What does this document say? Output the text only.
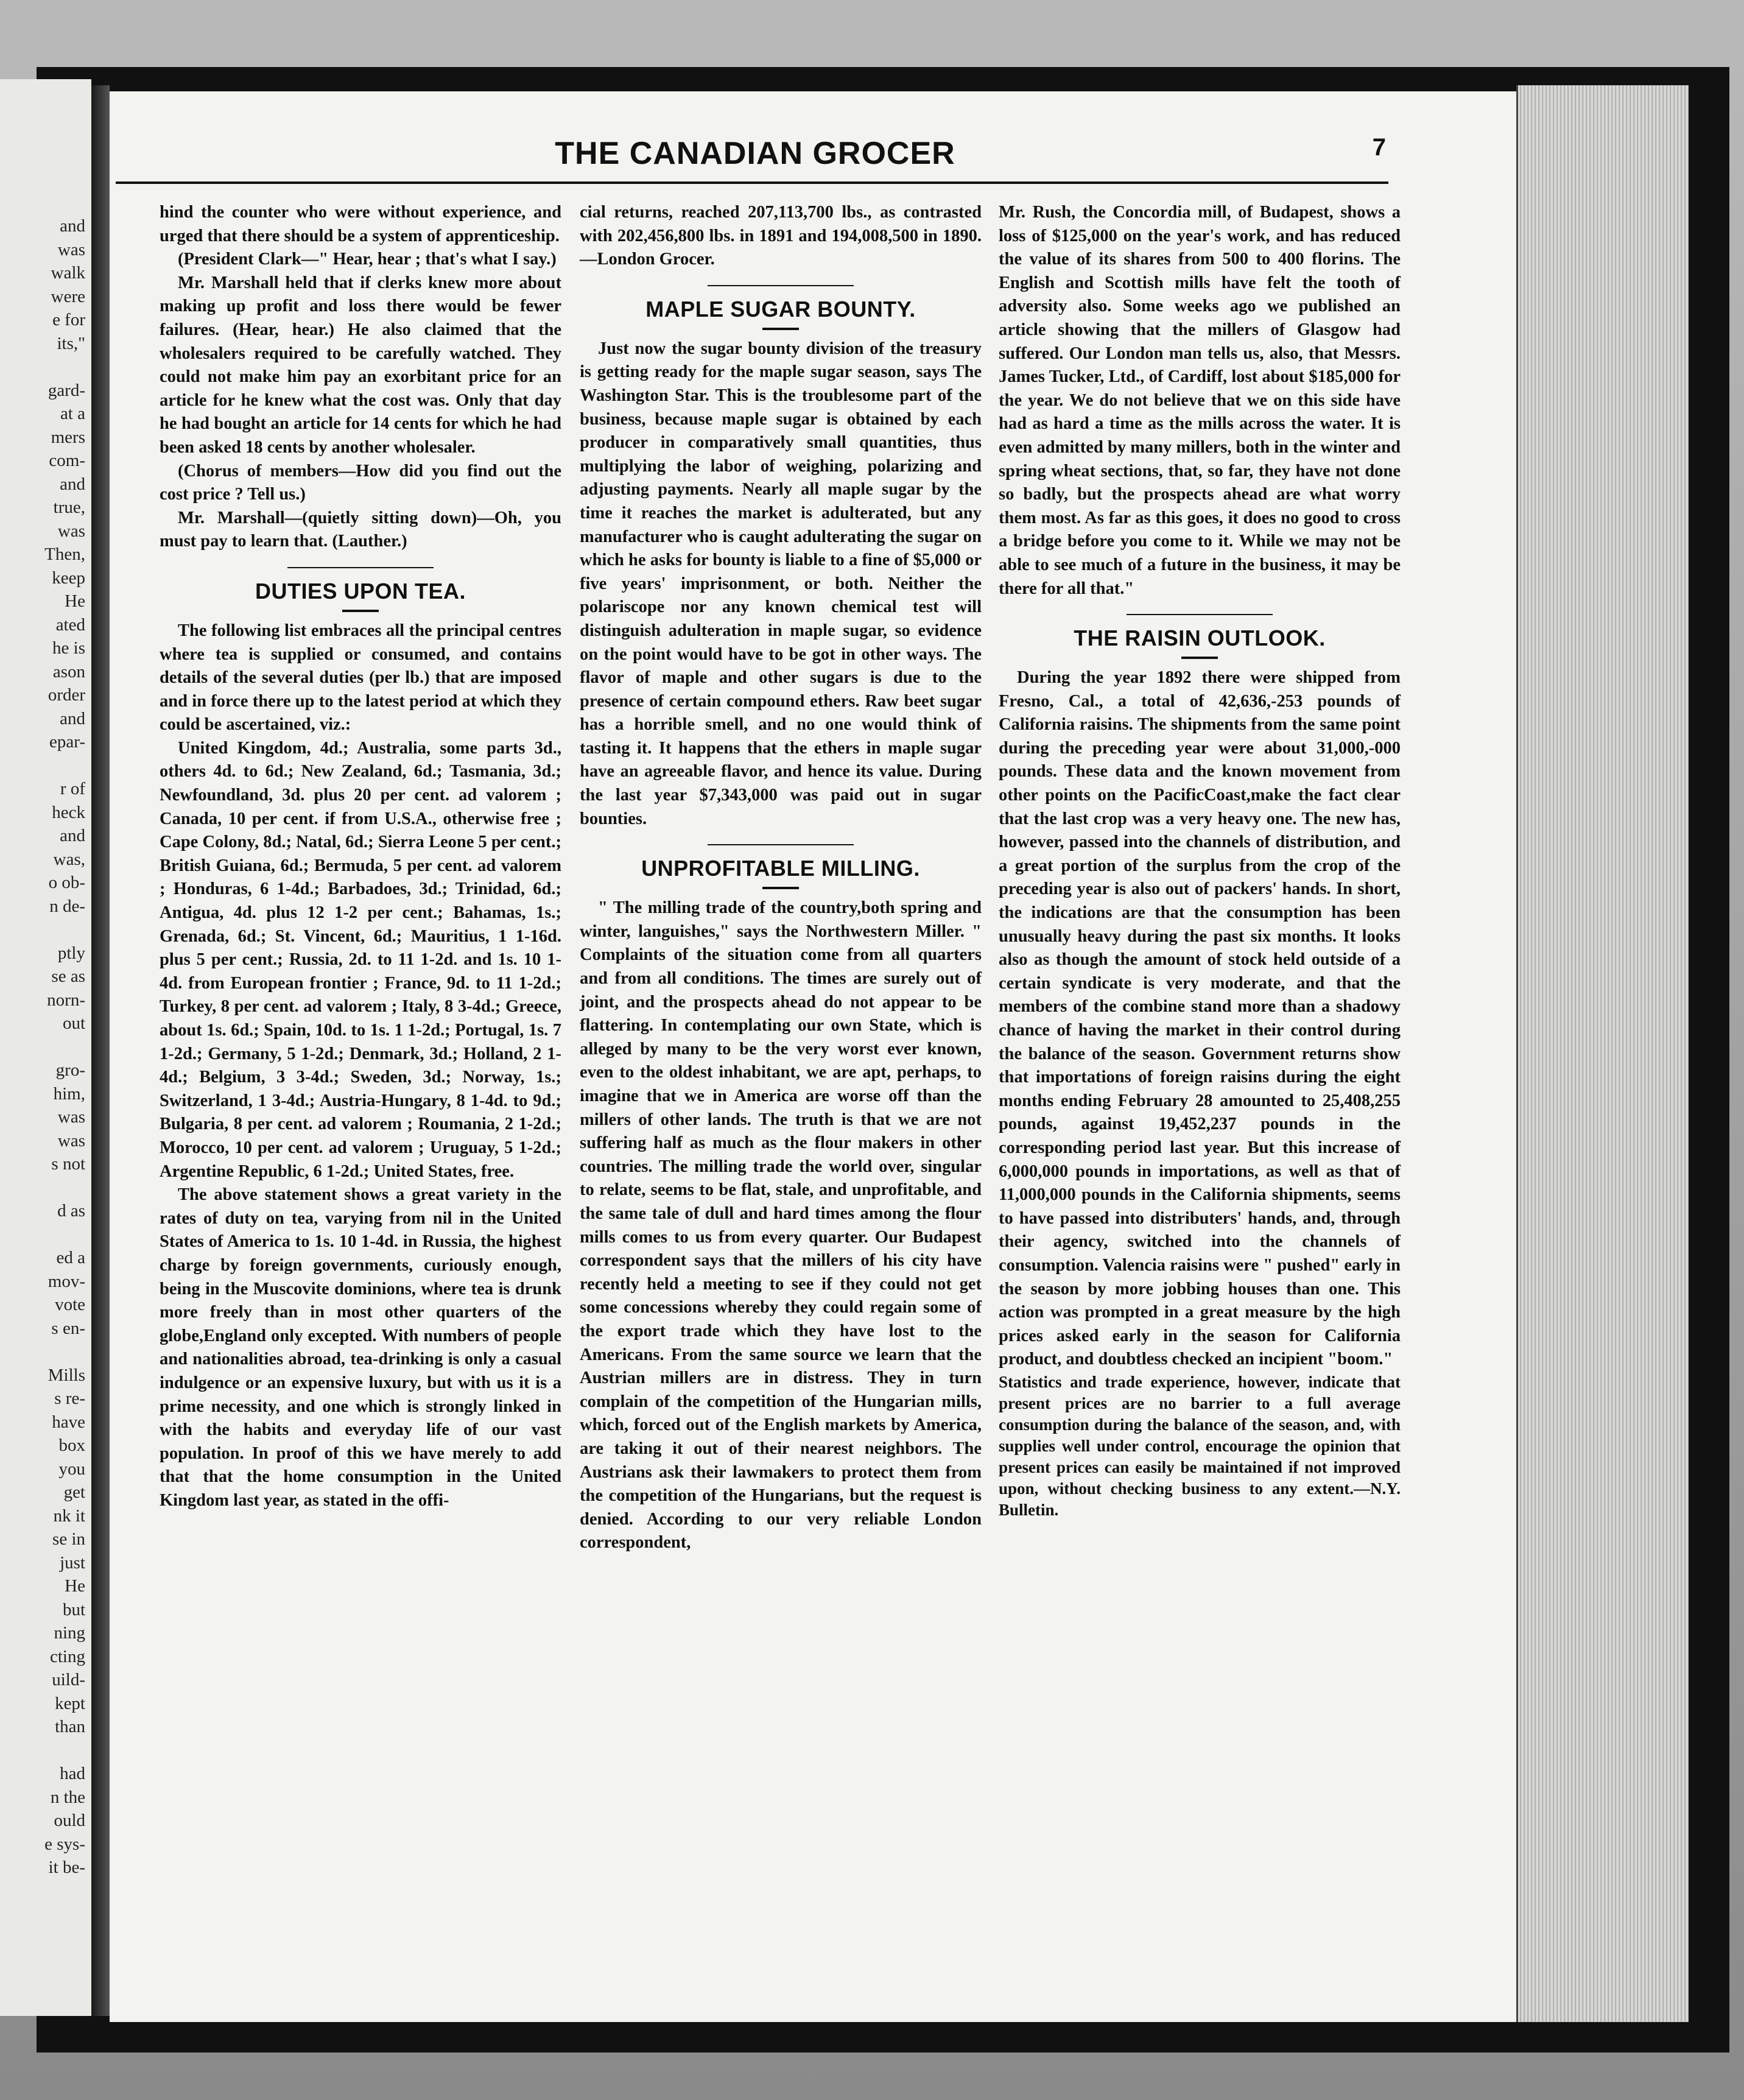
and
was
walk
were
e for
its,"

gard-
at a
mers
com-
and
true,
was
Then,
keep
He
ated
he is
ason
order
and
epar-

r of
heck
and
was,
o ob-
n de-

ptly
se as
norn-
out

gro-
him,
was
was
s not

d as

ed a
mov-
vote
s en-

Mills
s re-
have
box
you
get
nk it
se in
just
He
but
ning
cting
uild-
kept
than

had
n the
ould
e sys-
it be-
THE CANADIAN GROCER	7

hind the counter who were without experience, and urged that there should be a system of apprenticeship.

(President Clark—" Hear, hear ; that's what I say.)

Mr. Marshall held that if clerks knew more about making up profit and loss there would be fewer failures. (Hear, hear.) He also claimed that the wholesalers required to be carefully watched. They could not make him pay an exorbitant price for an article for he knew what the cost was. Only that day he had bought an article for 14 cents for which he had been asked 18 cents by another wholesaler.

(Chorus of members—How did you find out the cost price ? Tell us.)

Mr. Marshall—(quietly sitting down)—Oh, you must pay to learn that. (Lauther.)

DUTIES UPON TEA.

The following list embraces all the principal centres where tea is supplied or consumed, and contains details of the several duties (per lb.) that are imposed and in force there up to the latest period at which they could be ascertained, viz.:

United Kingdom, 4d.; Australia, some parts 3d., others 4d. to 6d.; New Zealand, 6d.; Tasmania, 3d.; Newfoundland, 3d. plus 20 per cent. ad valorem ; Canada, 10 per cent. if from U.S.A., otherwise free ; Cape Colony, 8d.; Natal, 6d.; Sierra Leone 5 per cent.; British Guiana, 6d.; Bermuda, 5 per cent. ad valorem ; Honduras, 6 1-4d.; Barbadoes, 3d.; Trinidad, 6d.; Antigua, 4d. plus 12 1-2 per cent.; Bahamas, 1s.; Grenada, 6d.; St. Vincent, 6d.; Mauritius, 1 1-16d. plus 5 per cent.; Russia, 2d. to 11 1-2d. and 1s. 10 1-4d. from European frontier ; France, 9d. to 11 1-2d.; Turkey, 8 per cent. ad valorem ; Italy, 8 3-4d.; Greece, about 1s. 6d.; Spain, 10d. to 1s. 1 1-2d.; Portugal, 1s. 7 1-2d.; Germany, 5 1-2d.; Denmark, 3d.; Holland, 2 1-4d.; Belgium, 3 3-4d.; Sweden, 3d.; Norway, 1s.; Switzerland, 1 3-4d.; Austria-Hungary, 8 1-4d. to 9d.; Bulgaria, 8 per cent. ad valorem ; Roumania, 2 1-2d.; Morocco, 10 per cent. ad valorem ; Uruguay, 5 1-2d.; Argentine Republic, 6 1-2d.; United States, free.

The above statement shows a great variety in the rates of duty on tea, varying from nil in the United States of America to 1s. 10 1-4d. in Russia, the highest charge by foreign governments, curiously enough, being in the Muscovite dominions, where tea is drunk more freely than in most other quarters of the globe,England only excepted. With numbers of people and nationalities abroad, tea-drinking is only a casual indulgence or an expensive luxury, but with us it is a prime necessity, and one which is strongly linked in with the habits and everyday life of our vast population. In proof of this we have merely to add that that the home consumption in the United Kingdom last year, as stated in the offi-

cial returns, reached 207,113,700 lbs., as contrasted with 202,456,800 lbs. in 1891 and 194,008,500 in 1890.—London Grocer.

MAPLE SUGAR BOUNTY.

Just now the sugar bounty division of the treasury is getting ready for the maple sugar season, says The Washington Star. This is the troublesome part of the business, because maple sugar is obtained by each producer in comparatively small quantities, thus multiplying the labor of weighing, polarizing and adjusting payments. Nearly all maple sugar by the time it reaches the market is adulterated, but any manufacturer who is caught adulterating the sugar on which he asks for bounty is liable to a fine of $5,000 or five years' imprisonment, or both. Neither the polariscope nor any known chemical test will distinguish adulteration in maple sugar, so evidence on the point would have to be got in other ways. The flavor of maple and other sugars is due to the presence of certain compound ethers. Raw beet sugar has a horrible smell, and no one would think of tasting it. It happens that the ethers in maple sugar have an agreeable flavor, and hence its value. During the last year $7,343,000 was paid out in sugar bounties.

UNPROFITABLE MILLING.

" The milling trade of the country,both spring and winter, languishes," says the Northwestern Miller. " Complaints of the situation come from all quarters and from all conditions. The times are surely out of joint, and the prospects ahead do not appear to be flattering. In contemplating our own State, which is alleged by many to be the very worst ever known, even to the oldest inhabitant, we are apt, perhaps, to imagine that we in America are worse off than the millers of other lands. The truth is that we are not suffering half as much as the flour makers in other countries. The milling trade the world over, singular to relate, seems to be flat, stale, and unprofitable, and the same tale of dull and hard times among the flour mills comes to us from every quarter. Our Budapest correspondent says that the millers of his city have recently held a meeting to see if they could not get some concessions whereby they could regain some of the export trade which they have lost to the Americans. From the same source we learn that the Austrian millers are in distress. They in turn complain of the competition of the Hungarian mills, which, forced out of the English markets by America, are taking it out of their nearest neighbors. The Austrians ask their lawmakers to protect them from the competition of the Hungarians, but the request is denied. According to our very reliable London correspondent,

Mr. Rush, the Concordia mill, of Budapest, shows a loss of $125,000 on the year's work, and has reduced the value of its shares from 500 to 400 florins. The English and Scottish mills have felt the tooth of adversity also. Some weeks ago we published an article showing that the millers of Glasgow had suffered. Our London man tells us, also, that Messrs. James Tucker, Ltd., of Cardiff, lost about $185,000 for the year. We do not believe that we on this side have had as hard a time as the mills across the water. It is even admitted by many millers, both in the winter and spring wheat sections, that, so far, they have not done so badly, but the prospects ahead are what worry them most. As far as this goes, it does no good to cross a bridge before you come to it. While we may not be able to see much of a future in the business, it may be there for all that."

THE RAISIN OUTLOOK.

During the year 1892 there were shipped from Fresno, Cal., a total of 42,636,-253 pounds of California raisins. The shipments from the same point during the preceding year were about 31,000,-000 pounds. These data and the known movement from other points on the PacificCoast,make the fact clear that the last crop was a very heavy one. The new has, however, passed into the channels of distribution, and a great portion of the surplus from the crop of the preceding year is also out of packers' hands. In short, the indications are that the consumption has been unusually heavy during the past six months. It looks also as though the amount of stock held outside of a certain syndicate is very moderate, and that the members of the combine stand more than a shadowy chance of having the market in their control during the balance of the season. Government returns show that importations of foreign raisins during the eight months ending February 28 amounted to 25,408,255 pounds, against 19,452,237 pounds in the corresponding period last year. But this increase of 6,000,000 pounds in importations, as well as that of 11,000,000 pounds in the California shipments, seems to have passed into distributers' hands, and, through their agency, switched into the channels of consumption. Valencia raisins were " pushed" early in the season by more jobbing houses than one. This action was prompted in a great measure by the high prices asked early in the season for California product, and doubtless checked an incipient "boom."

Statistics and trade experience, however, indicate that present prices are no barrier to a full average consumption during the balance of the season, and, with supplies well under control, encourage the opinion that present prices can easily be maintained if not improved upon, without checking business to any extent.—N.Y. Bulletin.
